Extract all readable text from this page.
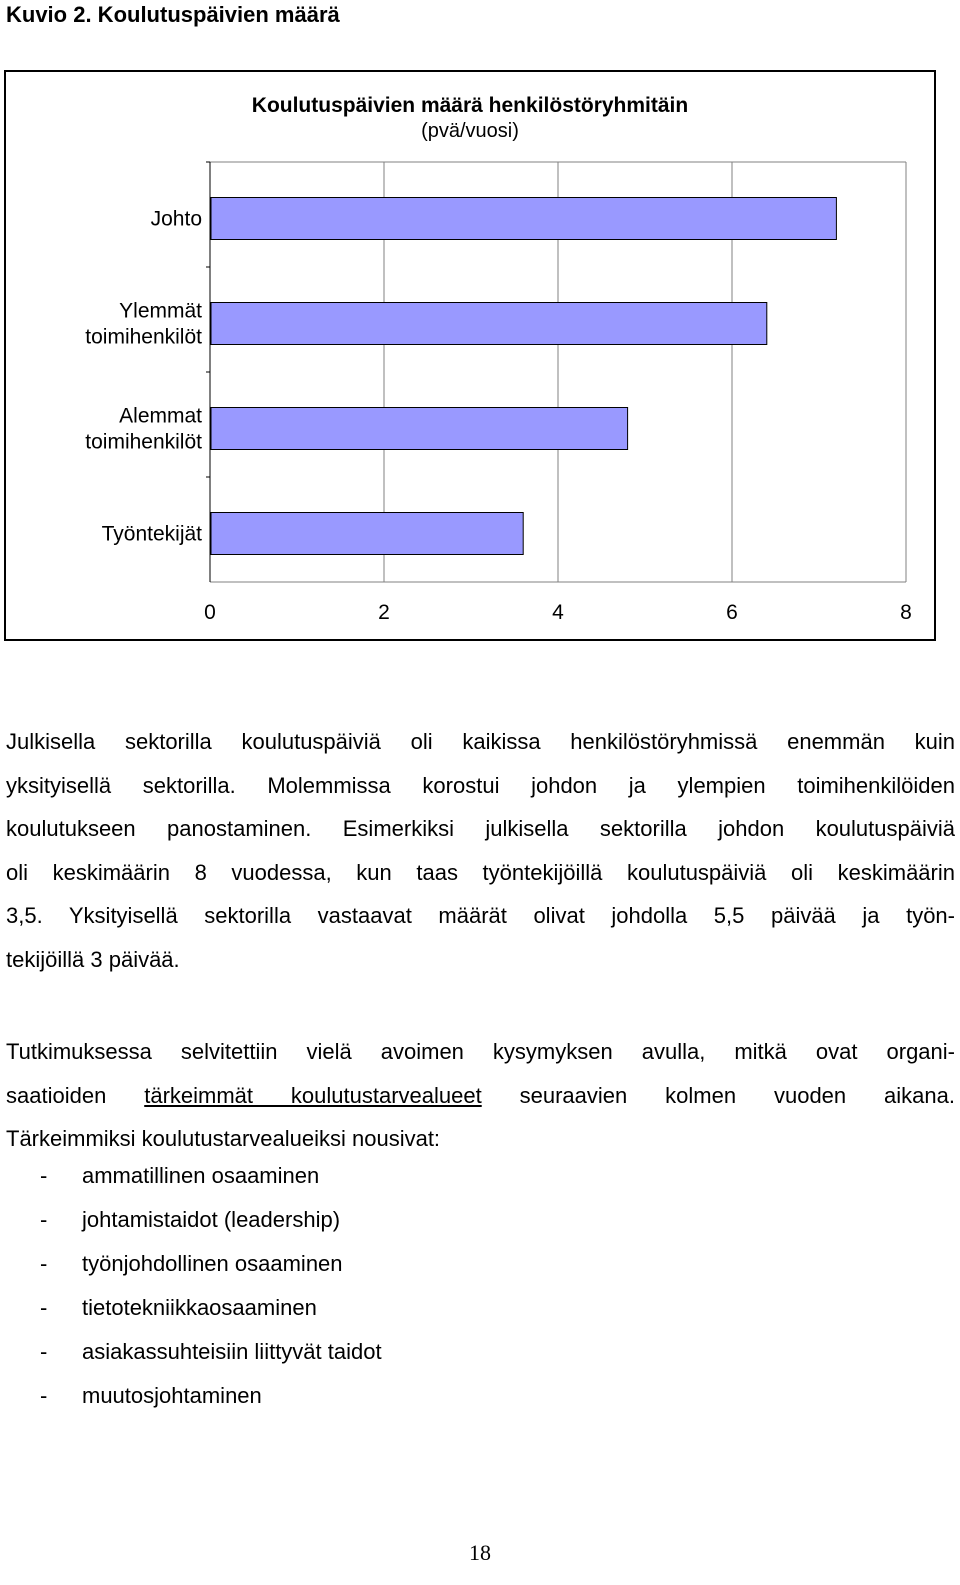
Kuvio 2. Koulutuspäivien määrä
Koulutuspäivien määrä henkilöstöryhmitäin
(pvä/vuosi)
0	2	4	6	8
Johto
Ylemmät toimihenkilöt
Alemmat toimihenkilöt
Työntekijät
Julkisella sektorilla koulutuspäiviä oli kaikissa henkilöstöryhmissä enemmän kuin
yksityisellä sektorilla. Molemmissa korostui johdon ja ylempien toimihenkilöiden
koulutukseen panostaminen. Esimerkiksi julkisella sektorilla johdon koulutuspäiviä
oli keskimäärin 8 vuodessa, kun taas työntekijöillä koulutuspäiviä oli keskimäärin
3,5. Yksityisellä sektorilla vastaavat määrät olivat johdolla 5,5 päivää ja työn-
tekijöillä 3 päivää.
Tutkimuksessa selvitettiin vielä avoimen kysymyksen avulla, mitkä ovat organi-
saatioiden tärkeimmät koulutustarvealueet seuraavien kolmen vuoden aikana.
Tärkeimmiksi koulutustarvealueiksi nousivat:
- ammatillinen osaaminen
- johtamistaidot (leadership)
- työnjohdollinen osaaminen
- tietotekniikkaosaaminen
- asiakassuhteisiin liittyvät taidot
- muutosjohtaminen
18
